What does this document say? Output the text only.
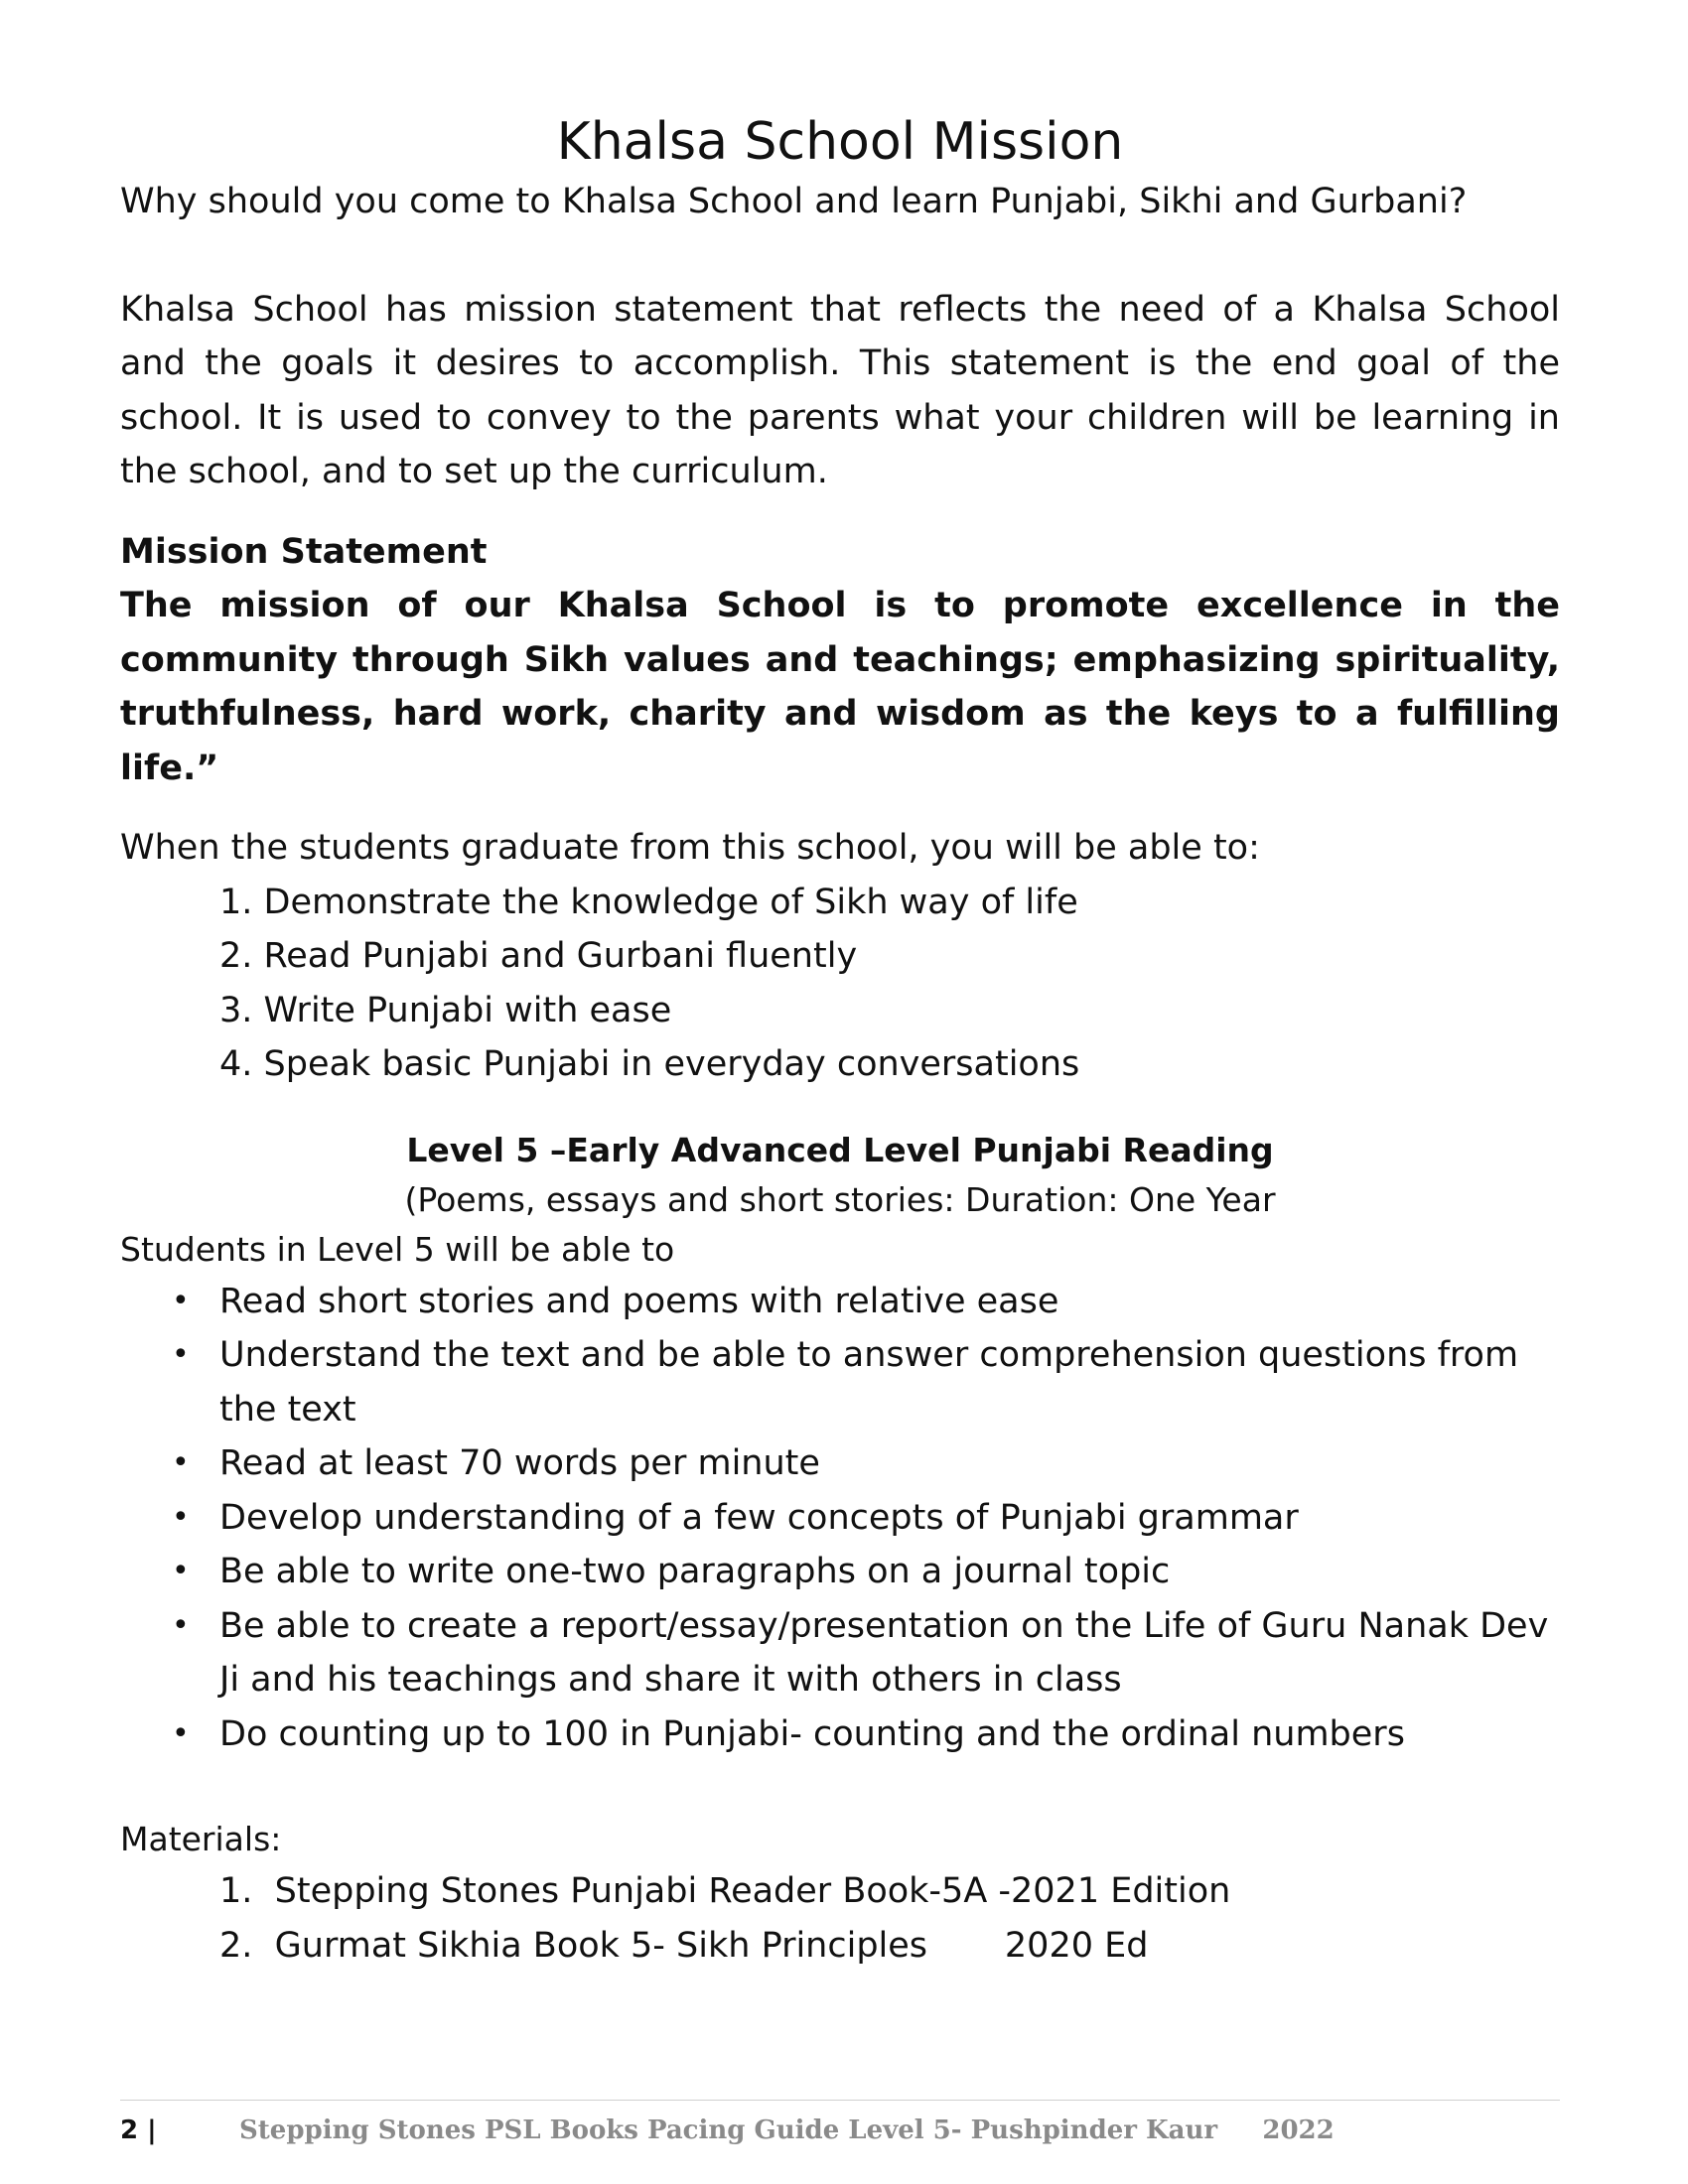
Khalsa School Mission

Why should you come to Khalsa School and learn Punjabi, Sikhi and Gurbani?

Khalsa School has mission statement that reflects the need of a Khalsa School and the goals it desires to accomplish. This statement is the end goal of the school. It is used to convey to the parents what your children will be learning in the school, and to set up the curriculum.

Mission Statement

The mission of our Khalsa School is to promote excellence in the community through Sikh values and teachings; emphasizing spirituality, truthfulness, hard work, charity and wisdom as the keys to a fulfilling life.”

When the students graduate from this school, you will be able to:

1. Demonstrate the knowledge of Sikh way of life
2. Read Punjabi and Gurbani fluently
3. Write Punjabi with ease
4. Speak basic Punjabi in everyday conversations

Level 5 –Early Advanced Level Punjabi Reading

(Poems, essays and short stories: Duration: One Year

Students in Level 5 will be able to

• Read short stories and poems with relative ease
• Understand the text and be able to answer comprehension questions from the text
• Read at least 70 words per minute
• Develop understanding of a few concepts of Punjabi grammar
• Be able to write one-two paragraphs on a journal topic
• Be able to create a report/essay/presentation on the Life of Guru Nanak Dev Ji and his teachings and share it with others in class
• Do counting up to 100 in Punjabi- counting and the ordinal numbers

Materials:

1.  Stepping Stones Punjabi Reader Book-5A -2021 Edition
2.  Gurmat Sikhia Book 5- Sikh Principles       2020 Ed
2 |	Stepping Stones PSL Books Pacing Guide Level 5- Pushpinder Kaur     2022
